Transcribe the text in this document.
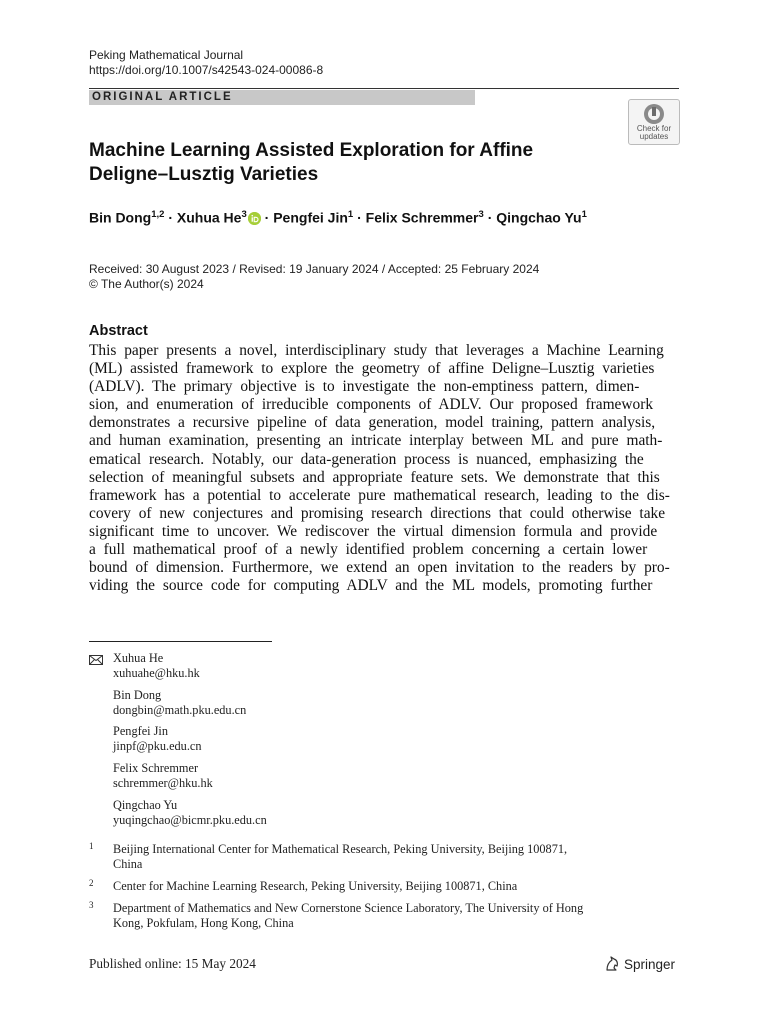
Peking Mathematical Journal
https://doi.org/10.1007/s42543-024-00086-8
ORIGINAL ARTICLE
Check for
updates
Machine Learning Assisted Exploration for Affine
Deligne–Lusztig Varieties
Bin Dong$^{1,2}$ · Xuhua $He^3$ · Pengfei Jin$^1$ · Felix Schremmer$^3$ · Qingchao Yu$^1$
Received: 30 August 2023 / Revised: 19 January 2024 / Accepted: 25 February 2024
© The Author(s) 2024
Abstract
This paper presents a novel, interdisciplinary study that leverages a Machine Learning
(ML) assisted framework to explore the geometry of affine Deligne–Lusztig varieties
(ADLV). The primary objective is to investigate the non-emptiness pattern, dimen-
sion, and enumeration of irreducible components of ADLV. Our proposed framework
demonstrates a recursive pipeline of data generation, model training, pattern analysis,
and human examination, presenting an intricate interplay between ML and pure math-
ematical research. Notably, our data-generation process is nuanced, emphasizing the
selection of meaningful subsets and appropriate feature sets. We demonstrate that this
framework has a potential to accelerate pure mathematical research, leading to the dis-
covery of new conjectures and promising research directions that could otherwise take
significant time to uncover. We rediscover the virtual dimension formula and provide
a full mathematical proof of a newly identified problem concerning a certain lower
bound of dimension. Furthermore, we extend an open invitation to the readers by pro-
viding the source code for computing ADLV and the ML models, promoting further
Xuhua He
xuhuahe@hku.hk
Bin Dong
dongbin@math.pku.edu.cn
Pengfei Jin
jinpf@pku.edu.cn
Felix Schremmer
schremmer@hku.hk
Qingchao Yu
yuqingchao@bicmr.pku.edu.cn
1 Beijing International Center for Mathematical Research, Peking University, Beijing 100871,
China
2 Center for Machine Learning Research, Peking University, Beijing 100871, China
3 Department of Mathematics and New Cornerstone Science Laboratory, The University of Hong
Kong, Pokfulam, Hong Kong, China
Published online: 15 May 2024	Springer
